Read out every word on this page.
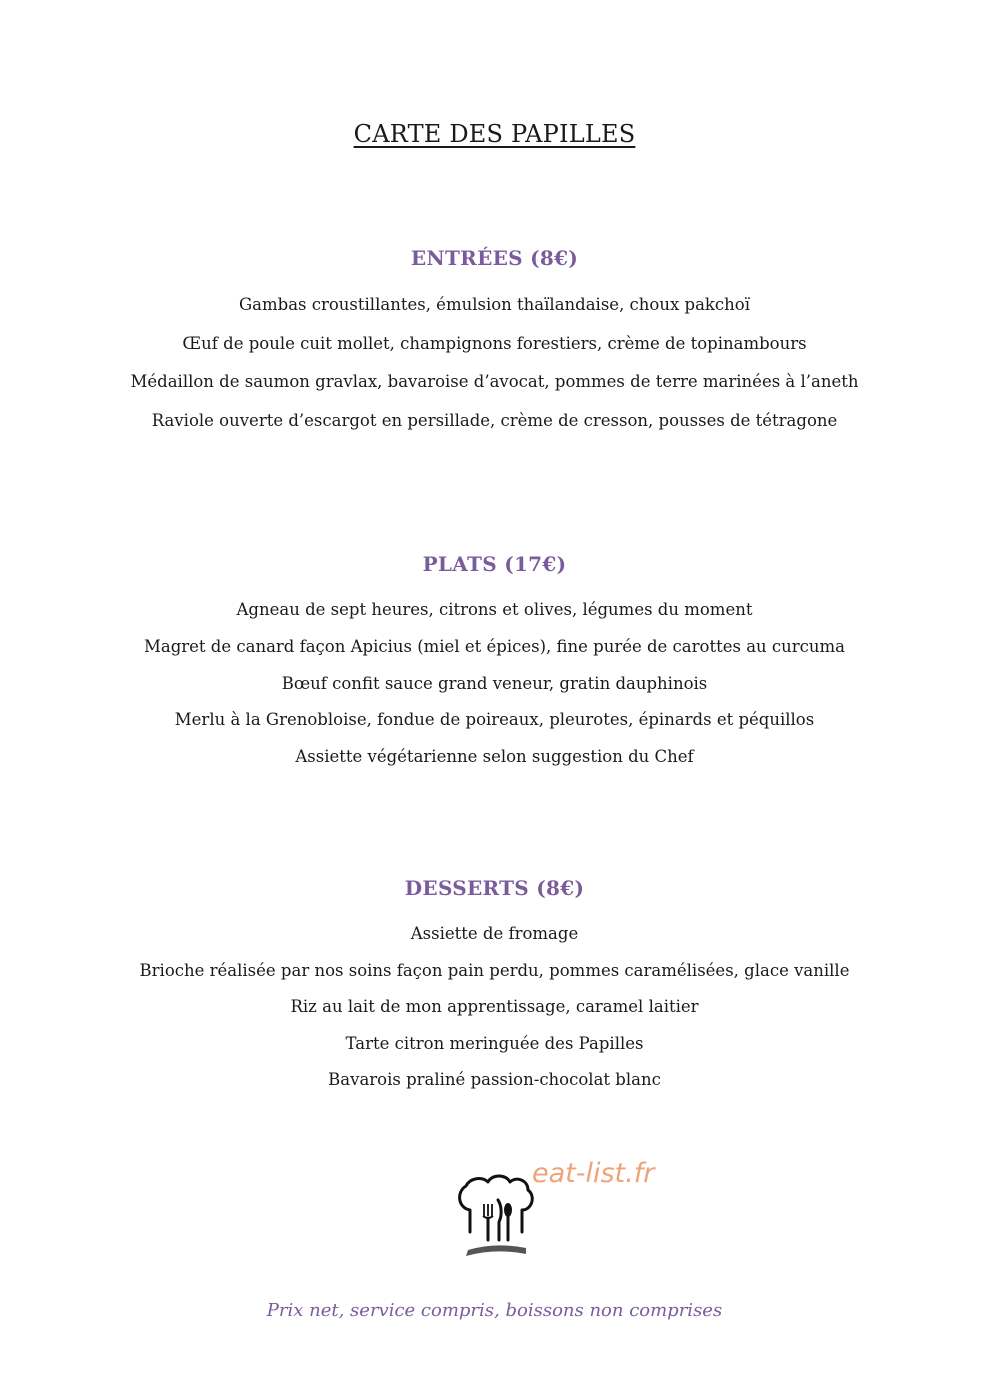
CARTE DES PAPILLES
ENTRÉES (8€)

Gambas croustillantes, émulsion thaïlandaise, choux pakchoï

Œuf de poule cuit mollet, champignons forestiers, crème de topinambours

Médaillon de saumon gravlax, bavaroise d’avocat, pommes de terre marinées à l’aneth

Raviole ouverte d’escargot en persillade, crème de cresson, pousses de tétragone

PLATS (17€)

Agneau de sept heures, citrons et olives, légumes du moment

Magret de canard façon Apicius (miel et épices), fine purée de carottes au curcuma

Bœuf confit sauce grand veneur, gratin dauphinois

Merlu à la Grenobloise, fondue de poireaux, pleurotes, épinards et péquillos

Assiette végétarienne selon suggestion du Chef

DESSERTS (8€)

Assiette de fromage

Brioche réalisée par nos soins façon pain perdu, pommes caramélisées, glace vanille

Riz au lait de mon apprentissage, caramel laitier

Tarte citron meringuée des Papilles

Bavarois praliné passion-chocolat blanc

eat-list.fr
Prix net, service compris, boissons non comprises
